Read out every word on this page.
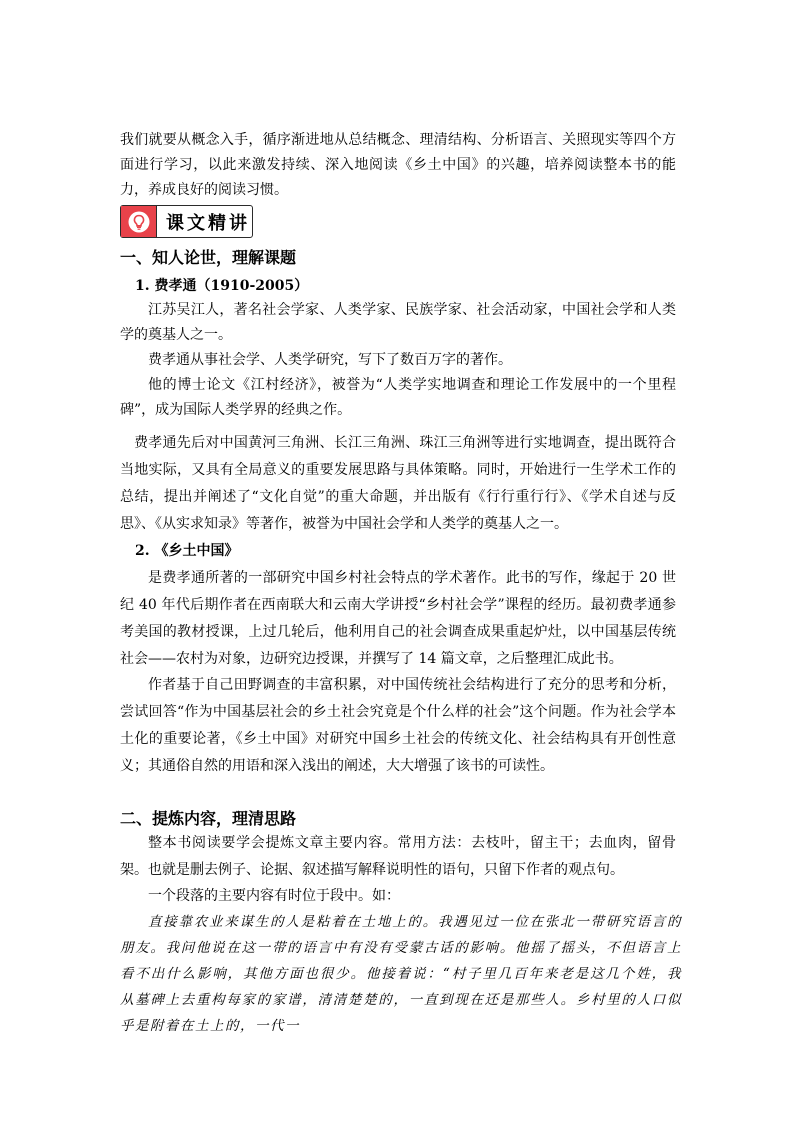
我们就要从概念入手，循序渐进地从总结概念、理清结构、分析语言、关照现实等四个方面进行学习，以此来激发持续、深入地阅读《乡土中国》的兴趣，培养阅读整本书的能力，养成良好的阅读习惯。

课文精讲
一、知人论世，理解课题
1. 费孝通（1910-2005）

江苏吴江人，著名社会学家、人类学家、民族学家、社会活动家，中国社会学和人类学的奠基人之一。

费孝通从事社会学、人类学研究，写下了数百万字的著作。

他的博士论文《江村经济》，被誉为“人类学实地调查和理论工作发展中的一个里程碑”，成为国际人类学界的经典之作。

费孝通先后对中国黄河三角洲、长江三角洲、珠江三角洲等进行实地调查，提出既符合当地实际，又具有全局意义的重要发展思路与具体策略。同时，开始进行一生学术工作的总结，提出并阐述了“文化自觉”的重大命题，并出版有《行行重行行》、《学术自述与反思》、《从实求知录》等著作，被誉为中国社会学和人类学的奠基人之一。

2. 《乡土中国》

是费孝通所著的一部研究中国乡村社会特点的学术著作。此书的写作，缘起于 20 世纪 40 年代后期作者在西南联大和云南大学讲授“乡村社会学”课程的经历。最初费孝通参考美国的教材授课，上过几轮后，他利用自己的社会调查成果重起炉灶，以中国基层传统社会——农村为对象，边研究边授课，并撰写了 14 篇文章，之后整理汇成此书。

作者基于自己田野调查的丰富积累，对中国传统社会结构进行了充分的思考和分析，尝试回答“作为中国基层社会的乡土社会究竟是个什么样的社会”这个问题。作为社会学本土化的重要论著，《乡土中国》对研究中国乡土社会的传统文化、社会结构具有开创性意义；其通俗自然的用语和深入浅出的阐述，大大增强了该书的可读性。

二、提炼内容，理清思路

整本书阅读要学会提炼文章主要内容。常用方法：去枝叶，留主干；去血肉，留骨架。也就是删去例子、论据、叙述描写解释说明性的语句，只留下作者的观点句。

一个段落的主要内容有时位于段中。如：

直接靠农业来谋生的人是粘着在土地上的。我遇见过一位在张北一带研究语言的朋友。我问他说在这一带的语言中有没有受蒙古话的影响。他摇了摇头，不但语言上看不出什么影响，其他方面也很少。他接着说：“村子里几百年来老是这几个姓，我从墓碑上去重构每家的家谱，清清楚楚的，一直到现在还是那些人。乡村里的人口似乎是附着在土上的，一代一
